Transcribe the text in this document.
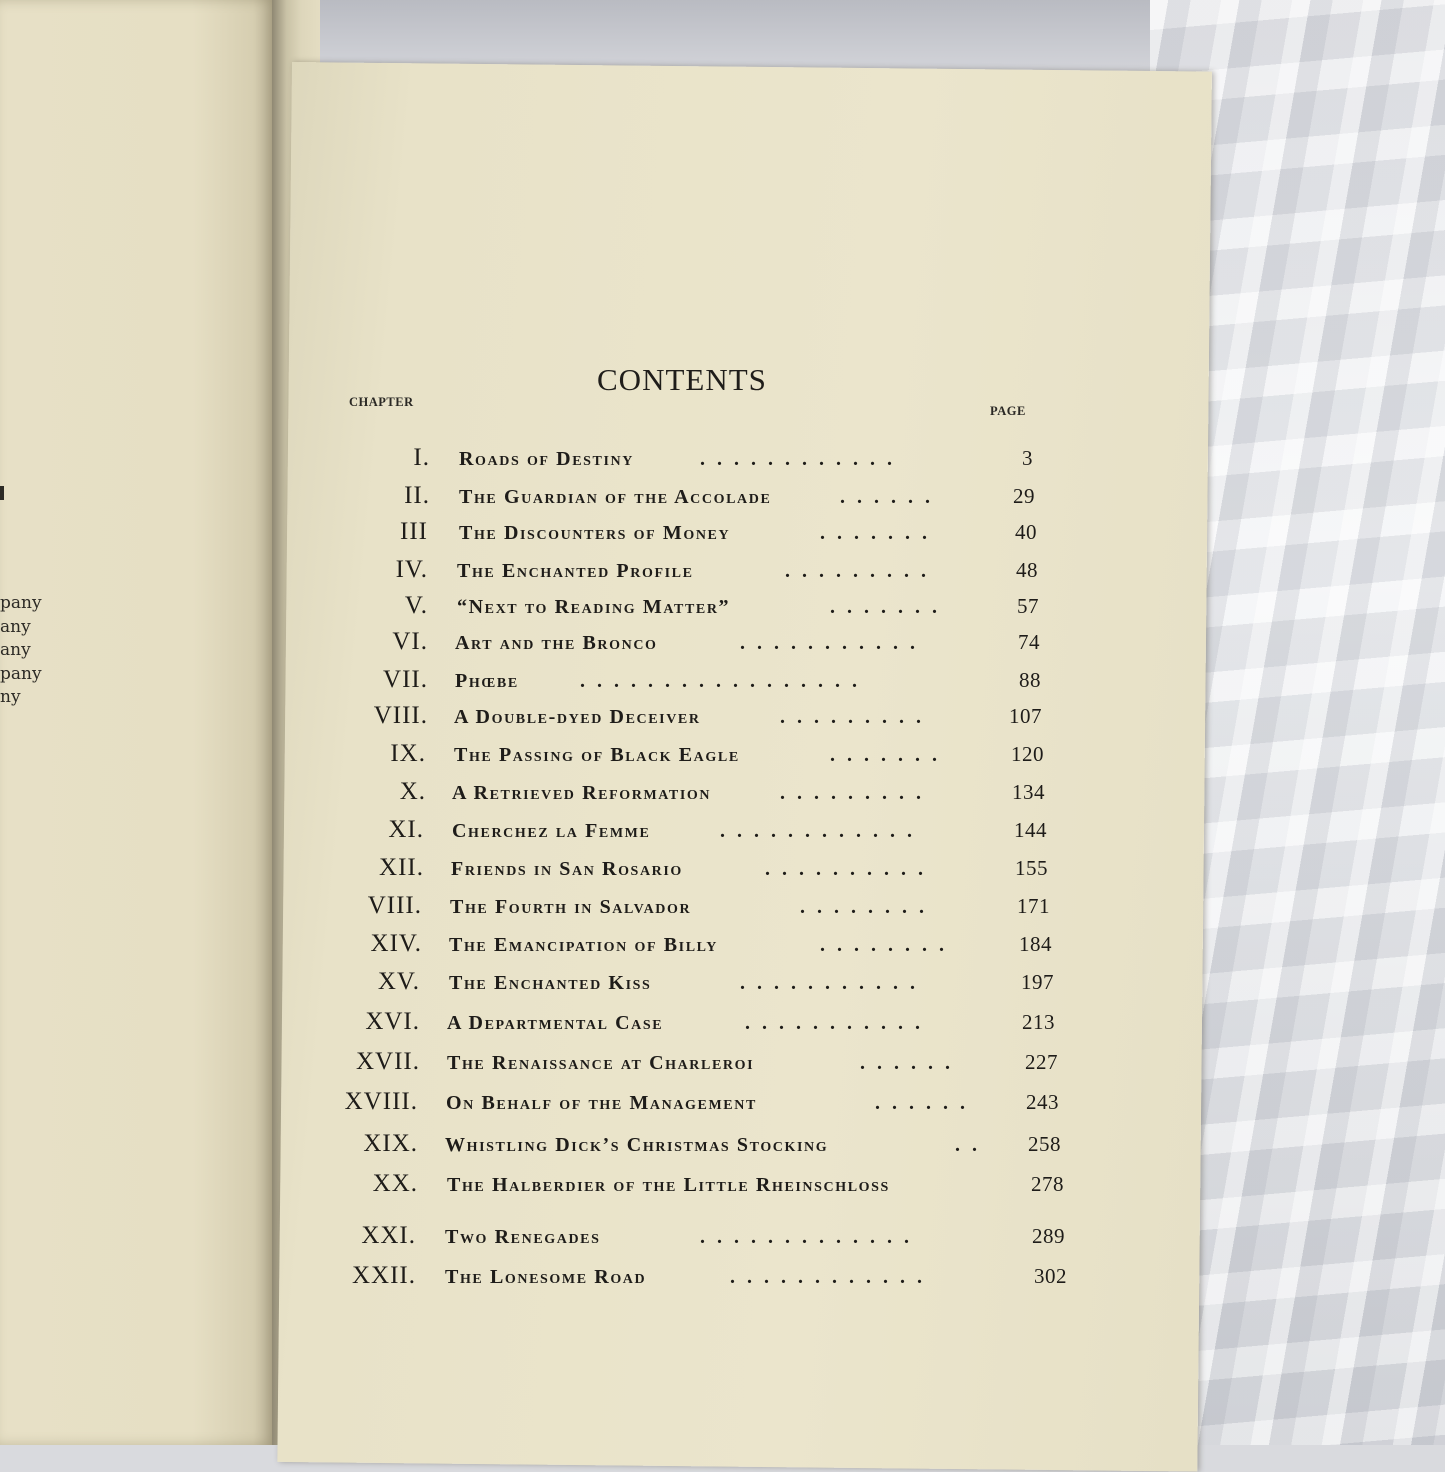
pany
any
any
pany
ny
CONTENTS
CHAPTER
PAGE
I. Roads of Destiny	............	3
II. The Guardian of the Accolade	......	29
III The Discounters of Money	.......	40
IV. The Enchanted Profile	.........	48
V. “Next to Reading Matter”	.......	57
VI. Art and the Bronco	...........	74
VII. Phœbe	.................	88
VIII. A Double-dyed Deceiver	.........	107
IX. The Passing of Black Eagle	.......	120
X. A Retrieved Reformation	.........	134
XI. Cherchez la Femme	............	144
XII. Friends in San Rosario	..........	155
VIII. The Fourth in Salvador	........	171
XIV. The Emancipation of Billy	........	184
XV. The Enchanted Kiss	...........	197
XVI. A Departmental Case	...........	213
XVII. The Renaissance at Charleroi	......	227
XVIII. On Behalf of the Management	......	243
XIX. Whistling Dick’s Christmas Stocking	..	258
XX. The Halberdier of the Little Rheinschloss	278
XXI. Two Renegades	.............	289
XXII. The Lonesome Road	............	302
